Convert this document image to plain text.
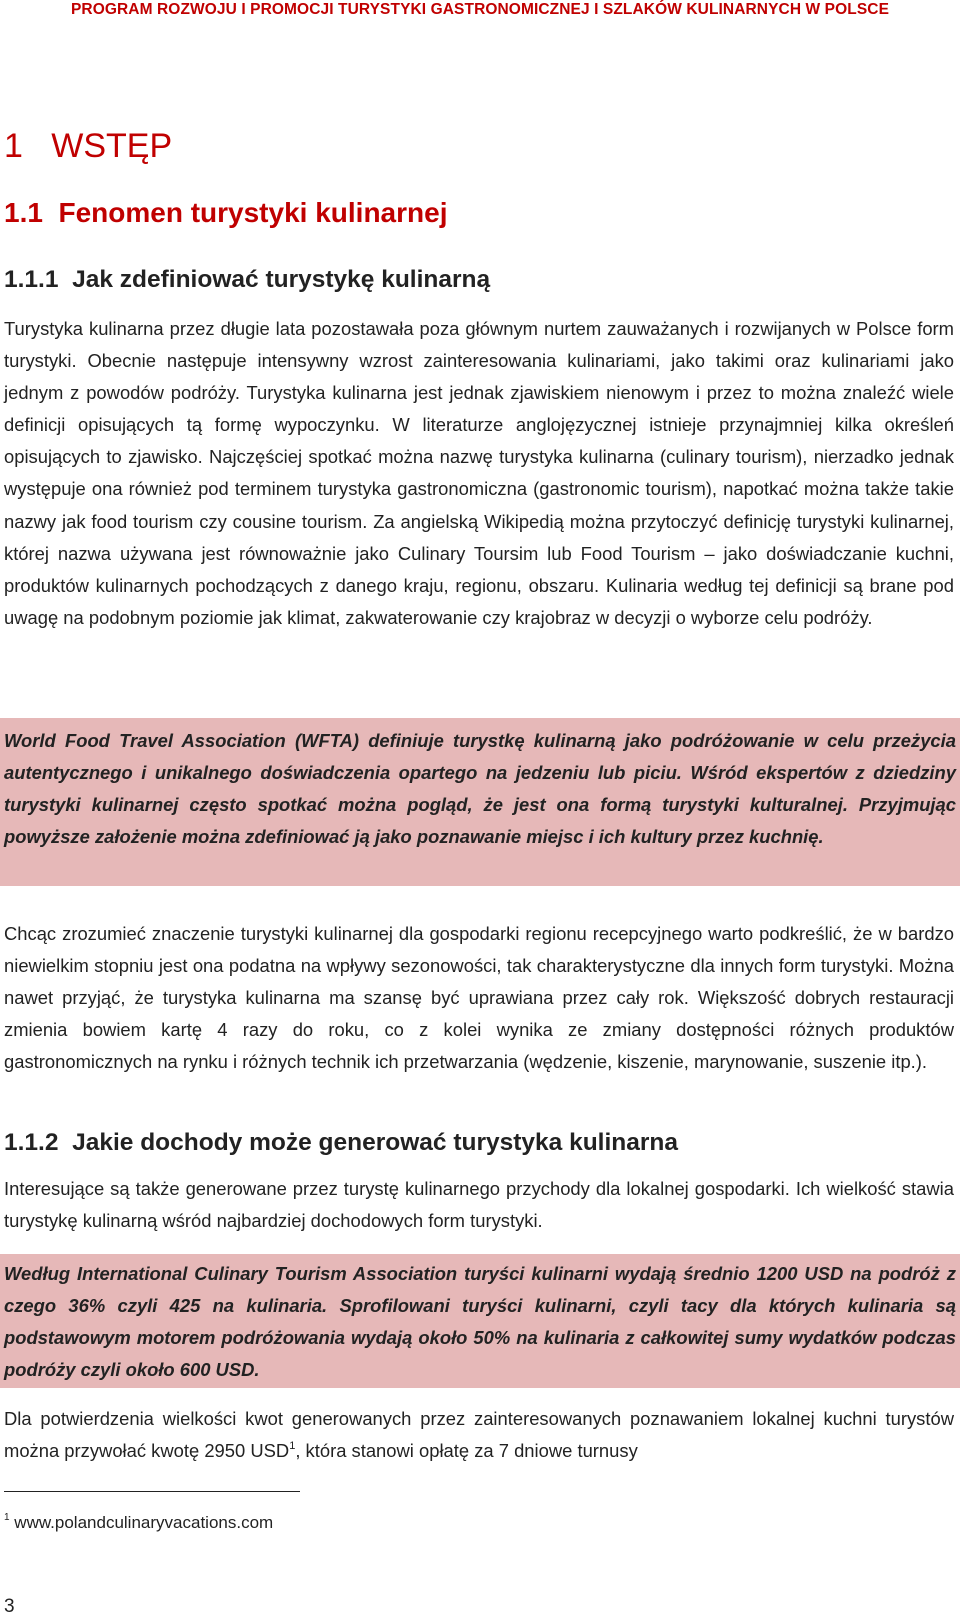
PROGRAM ROZWOJU I PROMOCJI TURYSTYKI GASTRONOMICZNEJ I SZLAKÓW KULINARNYCH W POLSCE
1   WSTĘP
1.1  Fenomen turystyki kulinarnej
1.1.1  Jak zdefiniować turystykę kulinarną
Turystyka kulinarna przez długie lata pozostawała poza głównym nurtem zauważanych i rozwijanych w Polsce form turystyki. Obecnie następuje intensywny wzrost zainteresowania kulinariami, jako takimi oraz kulinariami jako jednym z powodów podróży. Turystyka kulinarna jest jednak zjawiskiem nienowym i przez to można znaleźć wiele definicji opisujących tą formę wypoczynku. W literaturze anglojęzycznej istnieje przynajmniej kilka określeń opisujących to zjawisko. Najczęściej spotkać można nazwę turystyka kulinarna (culinary tourism), nierzadko jednak występuje ona również pod terminem turystyka gastronomiczna (gastronomic tourism), napotkać można także takie nazwy jak food tourism czy cousine tourism. Za angielską Wikipedią można przytoczyć definicję turystyki kulinarnej, której nazwa używana jest równoważnie jako Culinary Toursim lub Food Tourism – jako doświadczanie kuchni, produktów kulinarnych pochodzących z danego kraju, regionu, obszaru. Kulinaria według tej definicji są brane pod uwagę na podobnym poziomie jak klimat, zakwaterowanie czy krajobraz w decyzji o wyborze celu podróży.
World Food Travel Association (WFTA) definiuje turystkę kulinarną jako podróżowanie w celu przeżycia autentycznego i unikalnego doświadczenia opartego na jedzeniu lub piciu. Wśród ekspertów z dziedziny turystyki kulinarnej często spotkać można pogląd, że jest ona formą turystyki kulturalnej. Przyjmując powyższe założenie można zdefiniować ją jako poznawanie miejsc i ich kultury przez kuchnię.
Chcąc zrozumieć znaczenie turystyki kulinarnej dla gospodarki regionu recepcyjnego warto podkreślić, że w bardzo niewielkim stopniu jest ona podatna na wpływy sezonowości, tak charakterystyczne dla innych form turystyki. Można nawet przyjąć, że turystyka kulinarna ma szansę być uprawiana przez cały rok. Większość dobrych restauracji zmienia bowiem kartę 4 razy do roku, co z kolei wynika ze zmiany dostępności różnych produktów gastronomicznych na rynku i różnych technik ich przetwarzania (wędzenie, kiszenie, marynowanie, suszenie itp.).
1.1.2  Jakie dochody może generować turystyka kulinarna
Interesujące są także generowane przez turystę kulinarnego przychody dla lokalnej gospodarki. Ich wielkość stawia turystykę kulinarną wśród najbardziej dochodowych form turystyki.
Według International Culinary Tourism Association turyści kulinarni wydają średnio 1200 USD na podróż z czego 36% czyli 425 na kulinaria. Sprofilowani turyści kulinarni, czyli tacy dla których kulinaria są podstawowym motorem podróżowania wydają około 50% na kulinaria z całkowitej sumy wydatków podczas podróży czyli około 600 USD.
Dla potwierdzenia wielkości kwot generowanych przez zainteresowanych poznawaniem lokalnej kuchni turystów można przywołać kwotę 2950 USD$^1$, która stanowi opłatę za 7 dniowe turnusy
$^1$ www.polandculinaryvacations.com
3
